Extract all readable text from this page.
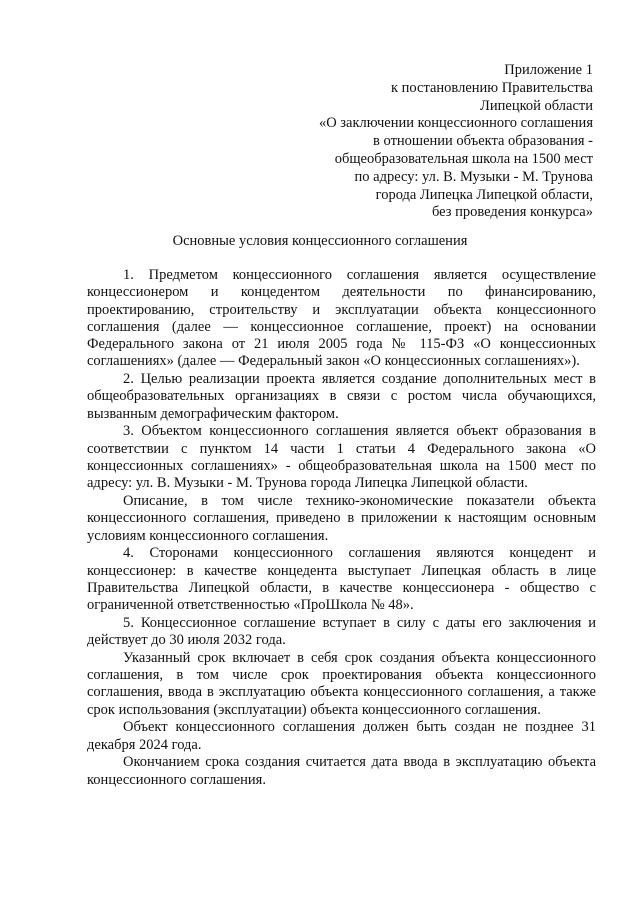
Приложение 1
к постановлению Правительства
Липецкой области
«О заключении концессионного соглашения
в отношении объекта образования -
общеобразовательная школа на 1500 мест
по адресу: ул. В. Музыки - М. Трунова
города Липецка Липецкой области,
без проведения конкурса»
Основные условия концессионного соглашения

1. Предметом концессионного соглашения является осуществление концессионером и концедентом деятельности по финансированию, проектированию, строительству и эксплуатации объекта концессионного соглашения (далее — концессионное соглашение, проект) на основании Федерального закона от 21 июля 2005 года № 115-ФЗ «О концессионных соглашениях» (далее — Федеральный закон «О концессионных соглашениях»).

2. Целью реализации проекта является создание дополнительных мест в общеобразовательных организациях в связи с ростом числа обучающихся, вызванным демографическим фактором.

3. Объектом концессионного соглашения является объект образования в соответствии с пунктом 14 части 1 статьи 4 Федерального закона «О концессионных соглашениях» - общеобразовательная школа на 1500 мест по адресу: ул. В. Музыки - М. Трунова города Липецка Липецкой области.

Описание, в том числе технико-экономические показатели объекта концессионного соглашения, приведено в приложении к настоящим основным условиям концессионного соглашения.

4. Сторонами концессионного соглашения являются концедент и концессионер: в качестве концедента выступает Липецкая область в лице Правительства Липецкой области, в качестве концессионера - общество с ограниченной ответственностью «ПроШкола № 48».

5. Концессионное соглашение вступает в силу с даты его заключения и действует до 30 июля 2032 года.

Указанный срок включает в себя срок создания объекта концессионного соглашения, в том числе срок проектирования объекта концессионного соглашения, ввода в эксплуатацию объекта концессионного соглашения, а также срок использования (эксплуатации) объекта концессионного соглашения.

Объект концессионного соглашения должен быть создан не позднее 31 декабря 2024 года.

Окончанием срока создания считается дата ввода в эксплуатацию объекта концессионного соглашения.
